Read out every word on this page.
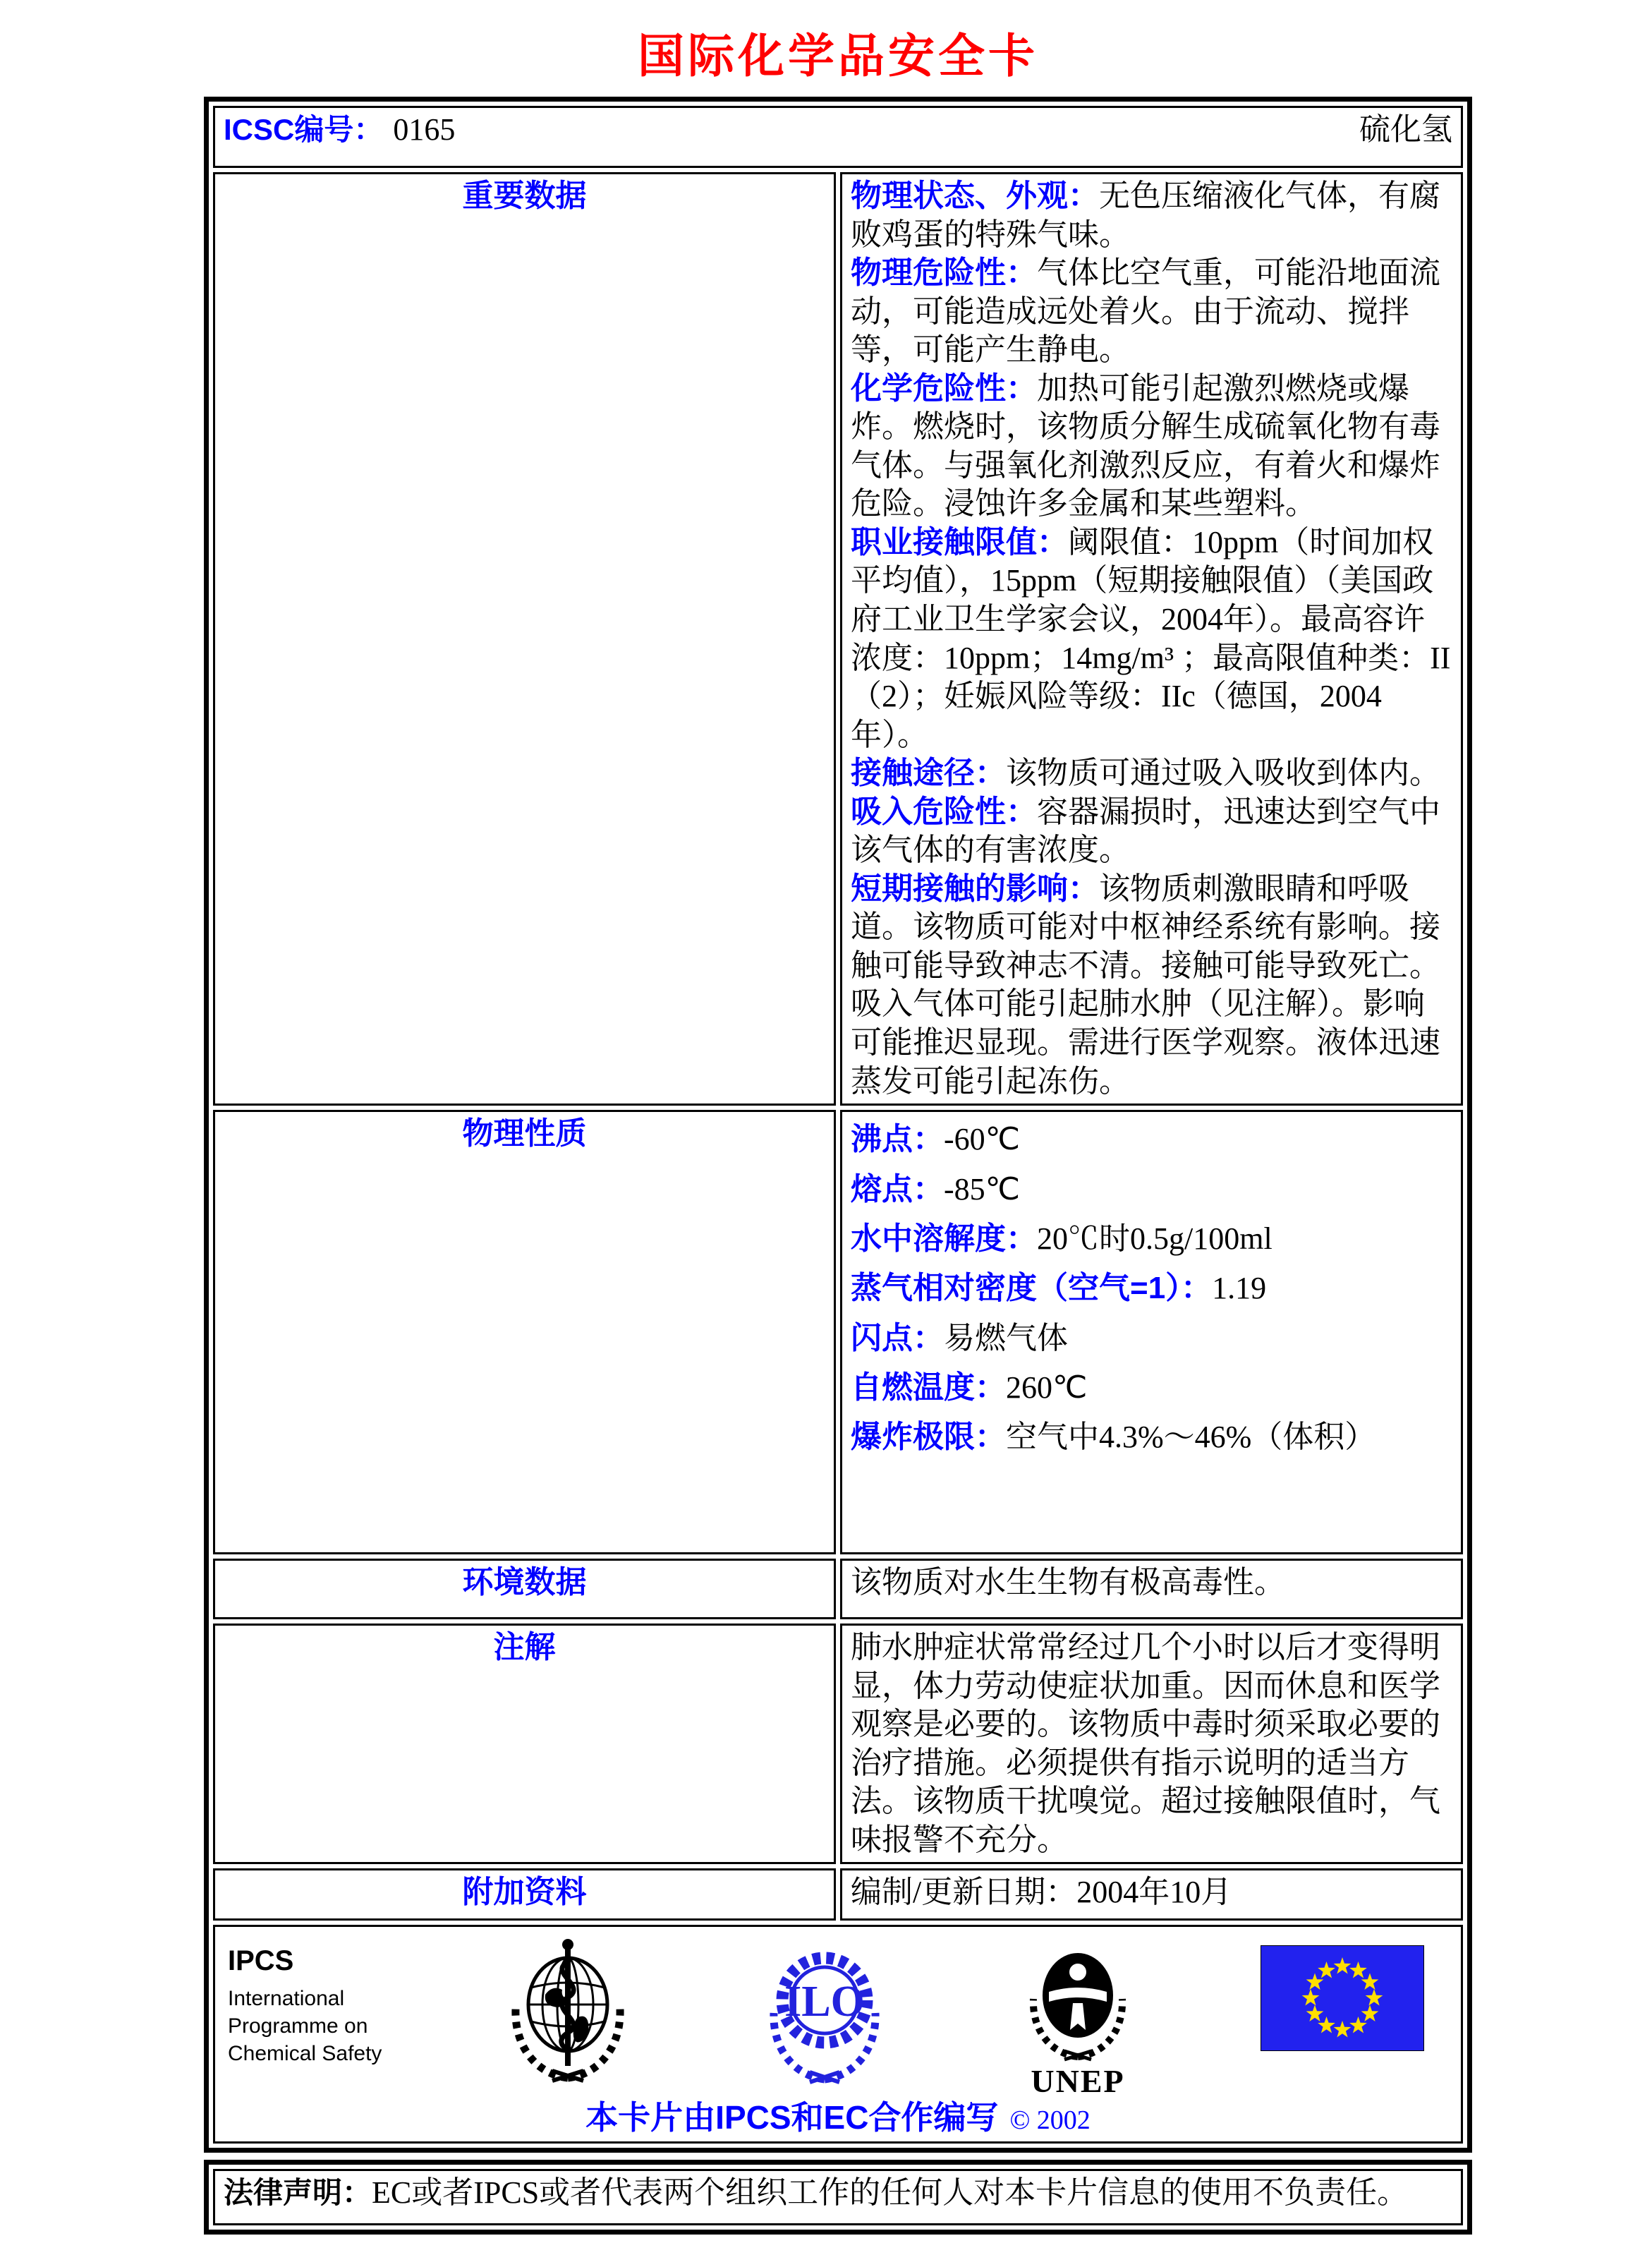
国际化学品安全卡
ICSC编号： 0165 硫化氢	

重要数据	物理状态、外观：无色压缩液化气体，有腐败鸡蛋的特殊气味。
物理危险性：气体比空气重，可能沿地面流动，可能造成远处着火。由于流动、搅拌等，可能产生静电。
化学危险性：加热可能引起激烈燃烧或爆炸。燃烧时，该物质分解生成硫氧化物有毒气体。与强氧化剂激烈反应，有着火和爆炸危险。浸蚀许多金属和某些塑料。
职业接触限值：阈限值：10ppm（时间加权平均值），15ppm（短期接触限值）（美国政府工业卫生学家会议，2004年）。最高容许浓度：10ppm；14mg/m³ ；最高限值种类：II（2）；妊娠风险等级：IIc（德国，2004年）。
接触途径：该物质可通过吸入吸收到体内。
吸入危险性：容器漏损时，迅速达到空气中该气体的有害浓度。
短期接触的影响：该物质刺激眼睛和呼吸道。该物质可能对中枢神经系统有影响。接触可能导致神志不清。接触可能导致死亡。吸入气体可能引起肺水肿（见注解）。影响可能推迟显现。需进行医学观察。液体迅速蒸发可能引起冻伤。

物理性质	沸点：-60℃
熔点：-85℃
水中溶解度：20℃时0.5g/100ml
蒸气相对密度（空气=1）：1.19
闪点：易燃气体
自燃温度：260℃
爆炸极限：空气中4.3%～46%（体积）

环境数据	该物质对水生生物有极高毒性。
注解	肺水肿症状常常经过几个小时以后才变得明显，体力劳动使症状加重。因而休息和医学观察是必要的。该物质中毒时须采取必要的治疗措施。必须提供有指示说明的适当方法。该物质干扰嗅觉。超过接触限值时，气味报警不充分。
附加资料	编制/更新日期：2004年10月

IPCS
International
Programme on
Chemical Safety
ILO
UNEP
本卡片由IPCS和EC合作编写 © 2002
法律声明：EC或者IPCS或者代表两个组织工作的任何人对本卡片信息的使用不负责任。
